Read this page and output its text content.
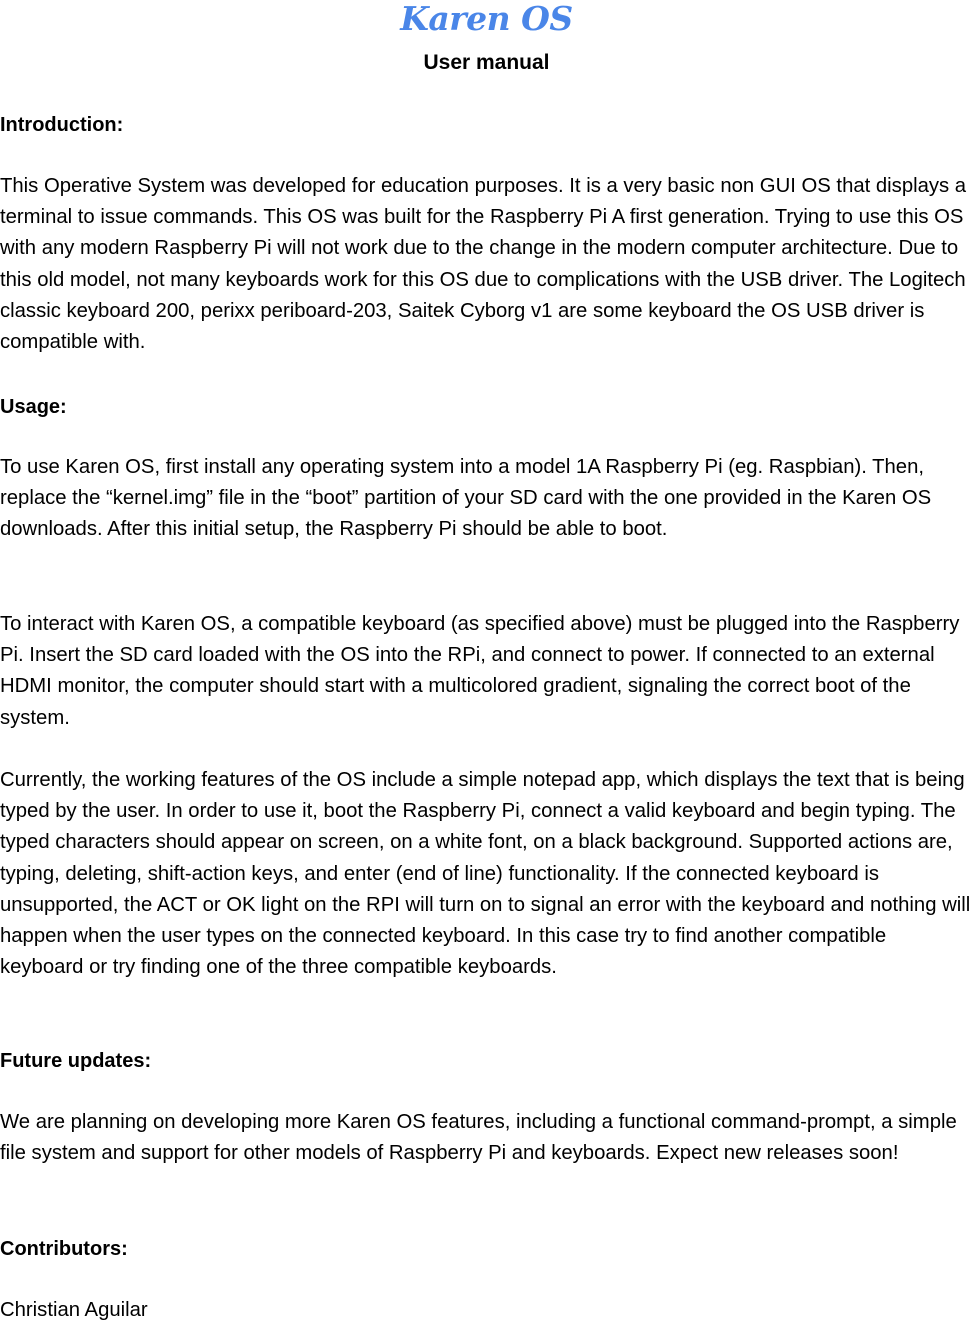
Karen OS
User manual
Introduction:

This Operative System was developed for education purposes. It is a very basic non GUI OS that displays a terminal to issue commands. This OS was built for the Raspberry Pi A first generation. Trying to use this OS with any modern Raspberry Pi will not work due to the change in the modern computer architecture. Due to this old model, not many keyboards work for this OS due to complications with the USB driver. The Logitech classic keyboard 200, perixx periboard-203, Saitek Cyborg v1 are some keyboard the OS USB driver is compatible with.

Usage:

To use Karen OS, first install any operating system into a model 1A Raspberry Pi (eg. Raspbian). Then, replace the “kernel.img” file in the “boot” partition of your SD card with the one provided in the Karen OS downloads. After this initial setup, the Raspberry Pi should be able to boot.

To interact with Karen OS, a compatible keyboard (as specified above) must be plugged into the Raspberry Pi. Insert the SD card loaded with the OS into the RPi, and connect to power. If connected to an external HDMI monitor, the computer should start with a multicolored gradient, signaling the correct boot of the system.

Currently, the working features of the OS include a simple notepad app, which displays the text that is being typed by the user. In order to use it, boot the Raspberry Pi, connect a valid keyboard and begin typing. The typed characters should appear on screen, on a white font, on a black background. Supported actions are, typing, deleting, shift-action keys, and enter (end of line) functionality. If the connected keyboard is unsupported, the ACT or OK light on the RPI will turn on to signal an error with the keyboard and nothing will happen when the user types on the connected keyboard. In this case try to find another compatible keyboard or try finding one of the three compatible keyboards.

Future updates:

We are planning on developing more Karen OS features, including a functional command-prompt, a simple file system and support for other models of Raspberry Pi and keyboards. Expect new releases soon!

Contributors:

Christian Aguilar
